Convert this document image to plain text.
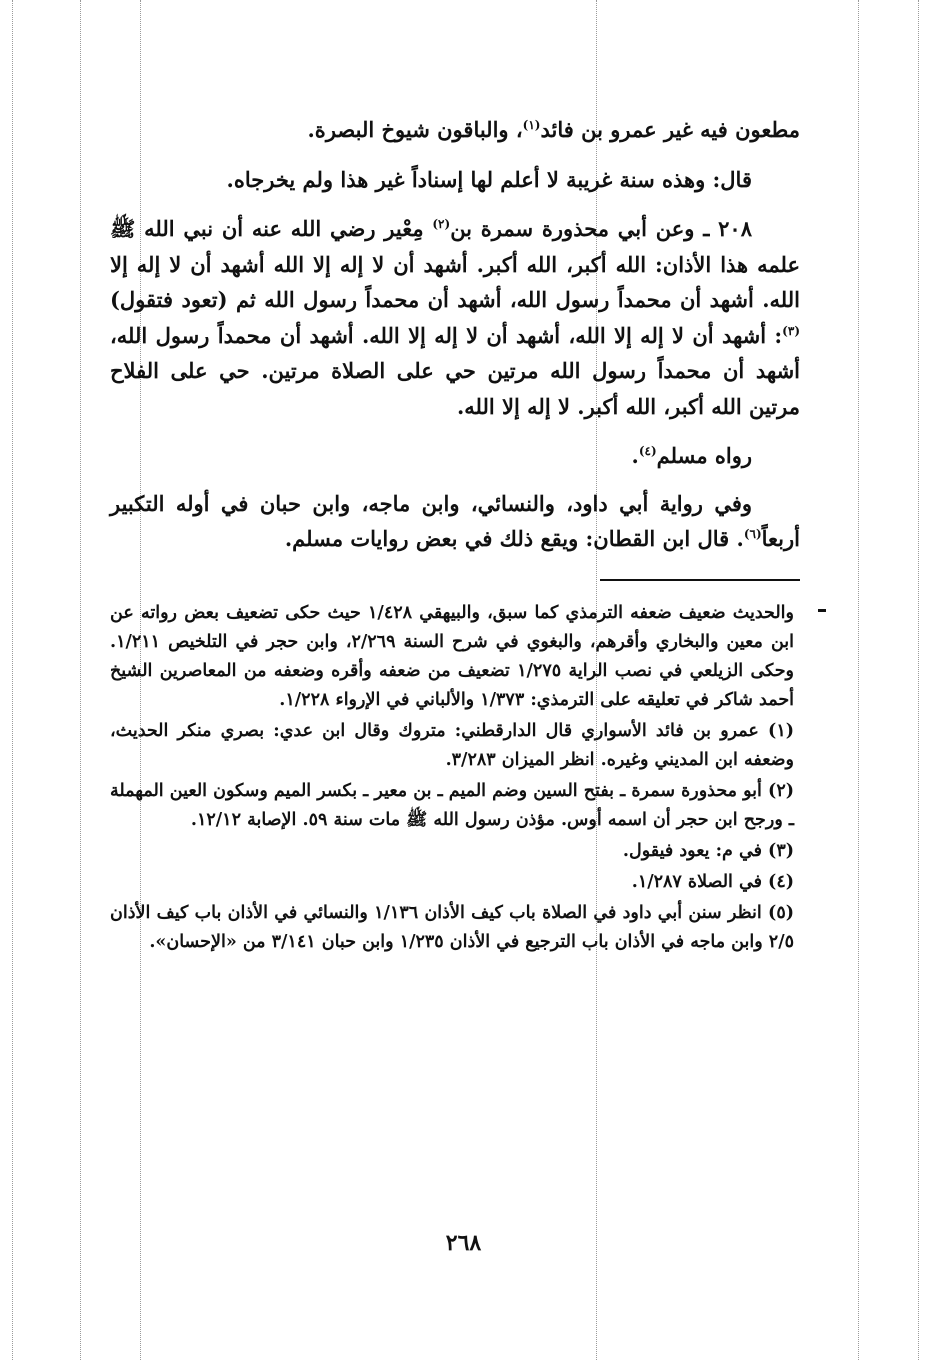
مطعون فيه غير عمرو بن فائد$^{(١)}$، والباقون شيوخ البصرة.

قال: وهذه سنة غريبة لا أعلم لها إسناداً غير هذا ولم يخرجاه.

٢٠٨ ـ وعن أبي محذورة سمرة بن$^{(٢)}$ مِعْير رضي الله عنه أن نبي الله ﷺ علمه هذا الأذان: الله أكبر، الله أكبر. أشهد أن لا إله إلا الله أشهد أن لا إله إلا الله. أشهد أن محمداً رسول الله، أشهد أن محمداً رسول الله ثم (تعود فتقول)$^{(٣)}$: أشهد أن لا إله إلا الله، أشهد أن لا إله إلا الله. أشهد أن محمداً رسول الله، أشهد أن محمداً رسول الله مرتين حي على الصلاة مرتين. حي على الفلاح مرتين الله أكبر، الله أكبر. لا إله إلا الله.

رواه مسلم$^{(٤)}$.

وفي رواية أبي داود، والنسائي، وابن ماجه، وابن حبان في أوله التكبير أربعاً$^{(٦)}$. قال ابن القطان: ويقع ذلك في بعض روايات مسلم.

والحديث ضعيف ضعفه الترمذي كما سبق، والبيهقي ١/٤٢٨ حيث حكى تضعيف بعض رواته عن ابن معين والبخاري وأقرهم، والبغوي في شرح السنة ٢/٢٦٩، وابن حجر في التلخيص ١/٢١١. وحكى الزيلعي في نصب الراية ١/٢٧٥ تضعيف من ضعفه وأقره وضعفه من المعاصرين الشيخ أحمد شاكر في تعليقه على الترمذي: ١/٣٧٣ والألباني في الإرواء ١/٢٢٨.

(١) عمرو بن فائد الأسواري قال الدارقطني: متروك وقال ابن عدي: بصري منكر الحديث، وضعفه ابن المديني وغيره. انظر الميزان ٣/٢٨٣.

(٢) أبو محذورة سمرة ـ بفتح السين وضم الميم ـ بن معير ـ بكسر الميم وسكون العين المهملة ـ ورجح ابن حجر أن اسمه أوس. مؤذن رسول الله ﷺ مات سنة ٥٩. الإصابة ١٢/١٢.

(٣) في م: يعود فيقول.

(٤) في الصلاة ١/٢٨٧.

(٥) انظر سنن أبي داود في الصلاة باب كيف الأذان ١/١٣٦ والنسائي في الأذان باب كيف الأذان ٢/٥ وابن ماجه في الأذان باب الترجيع في الأذان ١/٢٣٥ وابن حبان ٣/١٤١ من «الإحسان».

٢٦٨
